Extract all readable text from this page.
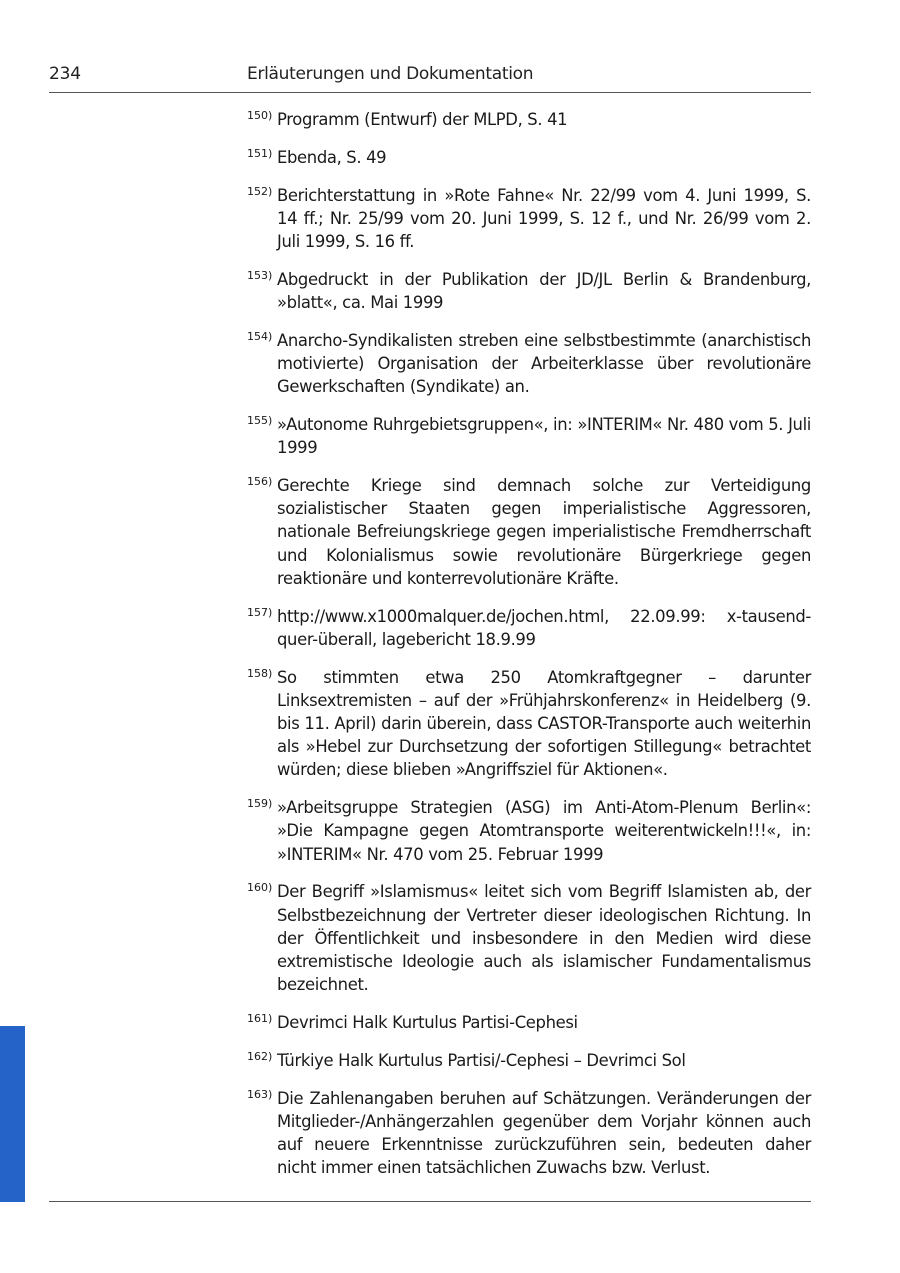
234	Erläuterungen und Dokumentation
150) Programm (Entwurf) der MLPD, S. 41
151) Ebenda, S. 49
152) Berichterstattung in »Rote Fahne« Nr. 22/99 vom 4. Juni 1999, S. 14 ff.; Nr. 25/99 vom 20. Juni 1999, S. 12 f., und Nr. 26/99 vom 2. Juli 1999, S. 16 ff.
153) Abgedruckt in der Publikation der JD/JL Berlin & Brandenburg, »blatt«, ca. Mai 1999
154) Anarcho-Syndikalisten streben eine selbstbestimmte (anarchistisch motivierte) Organisation der Arbeiterklasse über revolutionäre Gewerkschaften (Syndikate) an.
155) »Autonome Ruhrgebietsgruppen«, in: »INTERIM« Nr. 480 vom 5. Juli 1999
156) Gerechte Kriege sind demnach solche zur Verteidigung sozialistischer Staaten gegen imperialistische Aggressoren, nationale Befreiungskriege gegen imperialistische Fremdherrschaft und Kolonialismus sowie revolutionäre Bürgerkriege gegen reaktionäre und konterrevolutionäre Kräfte.
157) http://www.x1000malquer.de/jochen.html, 22.09.99: x-tausend-quer-überall, lagebericht 18.9.99
158) So stimmten etwa 250 Atomkraftgegner – darunter Linksextremisten – auf der »Frühjahrskonferenz« in Heidelberg (9. bis 11. April) darin überein, dass CASTOR-Transporte auch weiterhin als »Hebel zur Durchsetzung der sofortigen Stillegung« betrachtet würden; diese blieben »Angriffsziel für Aktionen«.
159) »Arbeitsgruppe Strategien (ASG) im Anti-Atom-Plenum Berlin«: »Die Kampagne gegen Atomtransporte weiterentwickeln!!!«, in: »INTERIM« Nr. 470 vom 25. Februar 1999
160) Der Begriff »Islamismus« leitet sich vom Begriff Islamisten ab, der Selbstbezeichnung der Vertreter dieser ideologischen Richtung. In der Öffentlichkeit und insbesondere in den Medien wird diese extremistische Ideologie auch als islamischer Fundamentalismus bezeichnet.
161) Devrimci Halk Kurtulus Partisi-Cephesi
162) Türkiye Halk Kurtulus Partisi/-Cephesi – Devrimci Sol
163) Die Zahlenangaben beruhen auf Schätzungen. Veränderungen der Mitglieder-/Anhängerzahlen gegenüber dem Vorjahr können auch auf neuere Erkenntnisse zurückzuführen sein, bedeuten daher nicht immer einen tatsächlichen Zuwachs bzw. Verlust.
